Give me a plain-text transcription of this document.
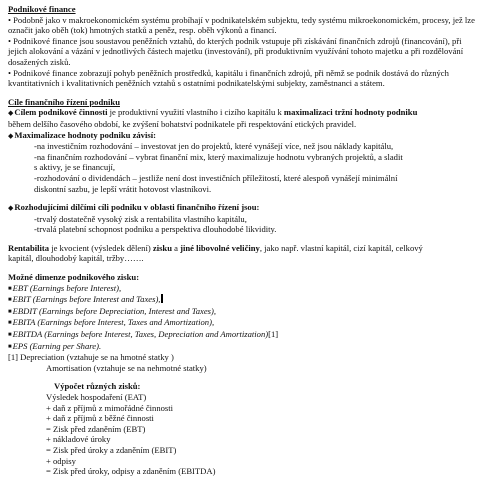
Podnikové finance
• Podobně jako v makroekonomickém systému probíhají v podnikatelském subjektu, tedy systému mikroekonomickém, procesy, jež lze označit jako oběh (tok) hmotných statků a peněz, resp. oběh výkonů a financí.
• Podnikové finance jsou soustavou peněžních vztahů, do kterých podnik vstupuje při získávání finančních zdrojů (financování), při jejich alokování a vázání v jednotlivých částech majetku (investování), při produktivním využívání tohoto majetku a při rozdělování dosažených zisků.
• Podnikové finance zobrazují pohyb peněžních prostředků, kapitálu i finančních zdrojů, při němž se podnik dostává do různých kvantitativních i kvalitativních peněžních vztahů s ostatními podnikatelskými subjekty, zaměstnanci a státem.
Cíle finančního řízení podniku
◆Cílem podnikové činnosti je produktivní využití vlastního i cizího kapitálu k maximalizaci tržní hodnoty podniku
během delšího časového období, ke zvýšení bohatství podnikatele při respektování etických pravidel.
◆Maximalizace hodnoty podniku závisí:
-na investičním rozhodování – investovat jen do projektů, které vynášejí více, než jsou náklady kapitálu,
-na finančním rozhodování – vybrat finanční mix, který maximalizuje hodnotu vybraných projektů, a sladit
s aktivy, je se financují,
-rozhodování o dividendách – jestliže není dost investičních příležitostí, které alespoň vynášejí minimální
diskontní sazbu, je lepší vrátit hotovost vlastníkovi.
◆Rozhodujícími dílčími cíli podniku v oblasti finančního řízení jsou:
-trvalý dostatečně vysoký zisk a rentabilita vlastního kapitálu,
-trvalá platební schopnost podniku a perspektiva dlouhodobé likvidity.
Rentabilita je kvocient (výsledek dělení) zisku a jiné libovolné veličiny, jako např. vlastní kapitál, cizí kapitál, celkový
kapitál, dlouhodobý kapitál, tržby…….
Možné dimenze podnikového zisku:
■ EBT (Earnings before Interest),
■ EBIT (Earnings before Interest and Taxes),
■ EBDIT (Earnings before Depreciation, Interest and Taxes),
■ EBITA (Earnings before Interest, Taxes and Amortization),
■ EBITDA (Earnings before Interest, Taxes, Depreciation and Amortization)[1]
■ EPS (Earning per Share).
[1] Depreciation (vztahuje se na hmotné statky )
Amortisation (vztahuje se na nehmotné statky)
Výpočet různých zisků:
Výsledek hospodaření (EAT)
+ daň z příjmů z mimořádné činnosti
+ daň z příjmů z běžné činnosti
= Zisk před zdaněním (EBT)
+ nákladové úroky
= Zisk před úroky a zdaněním (EBIT)
+ odpisy
= Zisk před úroky, odpisy a zdaněním (EBITDA)
